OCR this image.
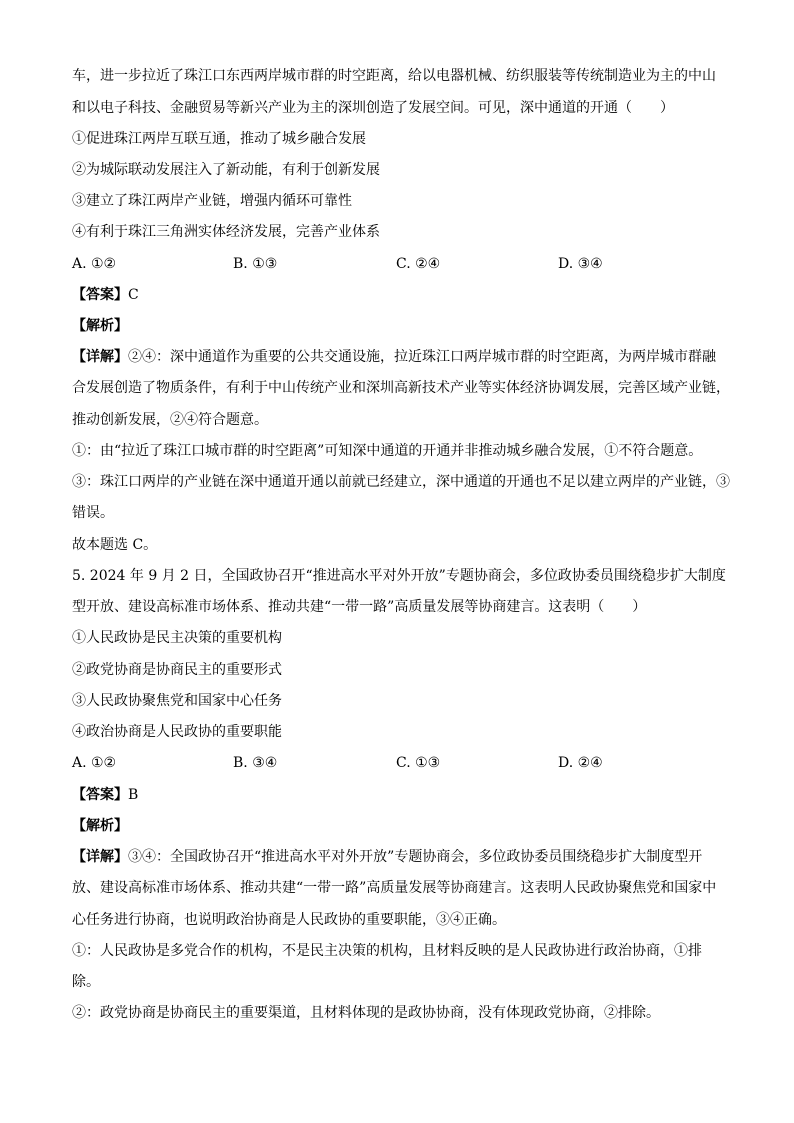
车，进一步拉近了珠江口东西两岸城市群的时空距离，给以电器机械、纺织服装等传统制造业为主的中山
和以电子科技、金融贸易等新兴产业为主的深圳创造了发展空间。可见，深中通道的开通（　　）
①促进珠江两岸互联互通，推动了城乡融合发展
②为城际联动发展注入了新动能，有利于创新发展
③建立了珠江两岸产业链，增强内循环可靠性
④有利于珠江三角洲实体经济发展，完善产业体系
A. ①②	B. ①③	C. ②④	D. ③④
【答案】C
【解析】
【详解】②④：深中通道作为重要的公共交通设施，拉近珠江口两岸城市群的时空距离，为两岸城市群融
合发展创造了物质条件，有利于中山传统产业和深圳高新技术产业等实体经济协调发展，完善区域产业链，
推动创新发展，②④符合题意。
①：由“拉近了珠江口城市群的时空距离”可知深中通道的开通并非推动城乡融合发展，①不符合题意。
③：珠江口两岸的产业链在深中通道开通以前就已经建立，深中通道的开通也不足以建立两岸的产业链，③
错误。
故本题选 C。
5. 2024 年 9 月 2 日，全国政协召开“推进高水平对外开放”专题协商会，多位政协委员围绕稳步扩大制度
型开放、建设高标准市场体系、推动共建“一带一路”高质量发展等协商建言。这表明（　　）
①人民政协是民主决策的重要机构
②政党协商是协商民主的重要形式
③人民政协聚焦党和国家中心任务
④政治协商是人民政协的重要职能
A. ①②	B. ③④	C. ①③	D. ②④
【答案】B
【解析】
【详解】③④：全国政协召开“推进高水平对外开放”专题协商会，多位政协委员围绕稳步扩大制度型开
放、建设高标准市场体系、推动共建“一带一路”高质量发展等协商建言。这表明人民政协聚焦党和国家中
心任务进行协商，也说明政治协商是人民政协的重要职能，③④正确。
①：人民政协是多党合作的机构，不是民主决策的机构，且材料反映的是人民政协进行政治协商，①排
除。
②：政党协商是协商民主的重要渠道，且材料体现的是政协协商，没有体现政党协商，②排除。
